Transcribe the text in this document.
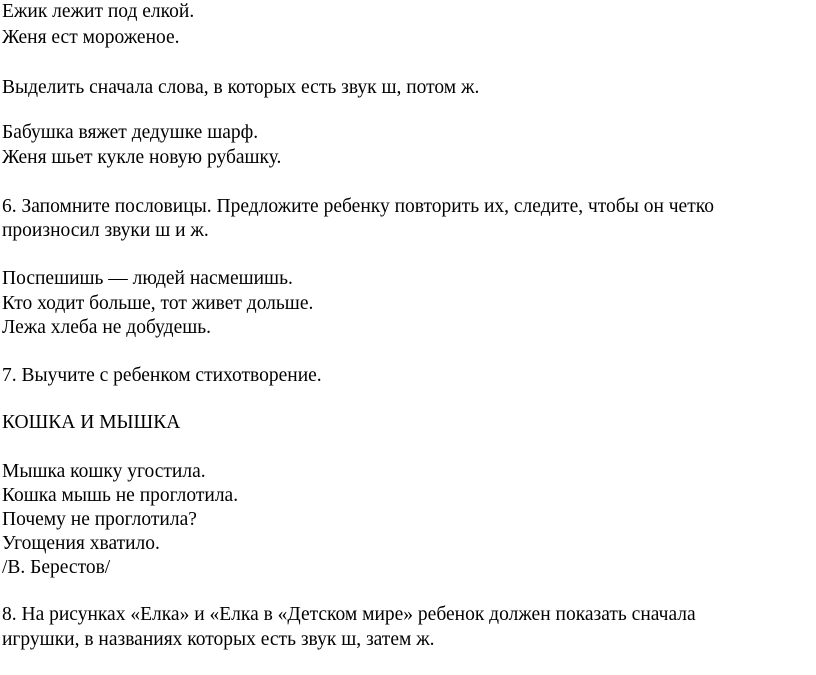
Ежик лежит под елкой.
Женя ест мороженое.
Выделить сначала слова, в которых есть звук ш, потом ж.
Бабушка вяжет дедушке шарф.
Женя шьет кукле новую рубашку.
6. Запомните пословицы. Предложите ребенку повторить их, следите, чтобы он четко
произносил звуки ш и ж.
Поспешишь — людей насмешишь.
Кто ходит больше, тот живет дольше.
Лежа хлеба не добудешь.
7. Выучите с ребенком стихотворение.
КОШКА И МЫШКА
Мышка кошку угостила.
Кошка мышь не проглотила.
Почему не проглотила?
Угощения хватило.
/В. Берестов/
8. На рисунках «Елка» и «Елка в «Детском мире» ребенок должен показать сначала
игрушки, в названиях которых есть звук ш, затем ж.
